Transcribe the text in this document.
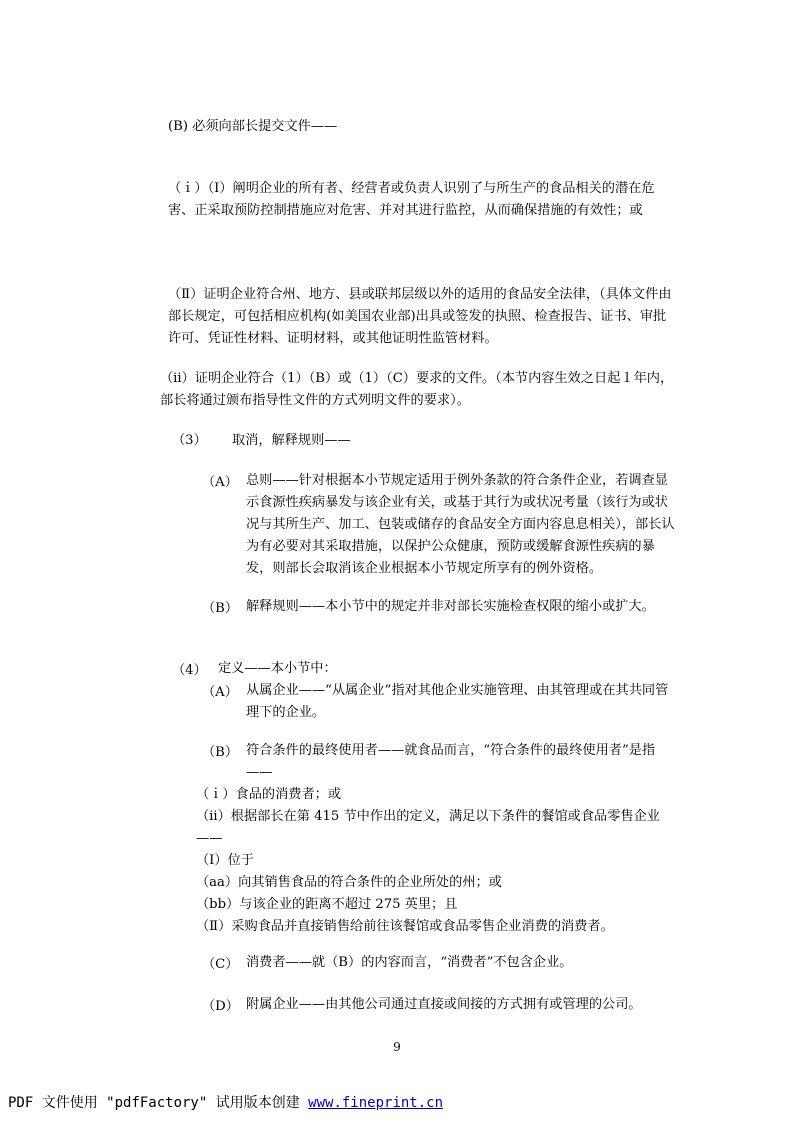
(B) 必须向部长提交文件——

（ｉ）（Ⅰ）阐明企业的所有者、经营者或负责人识别了与所生产的食品相关的潜在危害、正采取预防控制措施应对危害、并对其进行监控，从而确保措施的有效性；或

（Ⅱ）证明企业符合州、地方、县或联邦层级以外的适用的食品安全法律，（具体文件由部长规定，可包括相应机构(如美国农业部)出具或签发的执照、检查报告、证书、审批许可、凭证性材料、证明材料，或其他证明性监管材料。

（ⅱ）证明企业符合（1）（B）或（1）（C）要求的文件。（本节内容生效之日起１年内，部长将通过颁布指导性文件的方式列明文件的要求）。

（3） 取消，解释规则——
（A） 总则——针对根据本小节规定适用于例外条款的符合条件企业，若调查显示食源性疾病暴发与该企业有关，或基于其行为或状况考量（该行为或状况与其所生产、加工、包装或储存的食品安全方面内容息息相关），部长认为有必要对其采取措施，以保护公众健康，预防或缓解食源性疾病的暴发，则部长会取消该企业根据本小节规定所享有的例外资格。

（B） 解释规则——本小节中的规定并非对部长实施检查权限的缩小或扩大。

（4） 定义——本小节中：
（A） 从属企业——“从属企业”指对其他企业实施管理、由其管理或在其共同管理下的企业。

（B） 符合条件的最终使用者——就食品而言，“符合条件的最终使用者”是指——

（ｉ）食品的消费者；或

（ⅱ）根据部长在第 415 节中作出的定义，满足以下条件的餐馆或食品零售企业——

（Ⅰ）位于

（aa）向其销售食品的符合条件的企业所处的州；或

（bb）与该企业的距离不超过 275 英里；且

（Ⅱ）采购食品并直接销售给前往该餐馆或食品零售企业消费的消费者。

（C） 消费者——就（B）的内容而言，“消费者”不包含企业。

（D） 附属企业——由其他公司通过直接或间接的方式拥有或管理的公司。

9
PDF 文件使用 "pdfFactory" 试用版本创建 www.fineprint.cn
